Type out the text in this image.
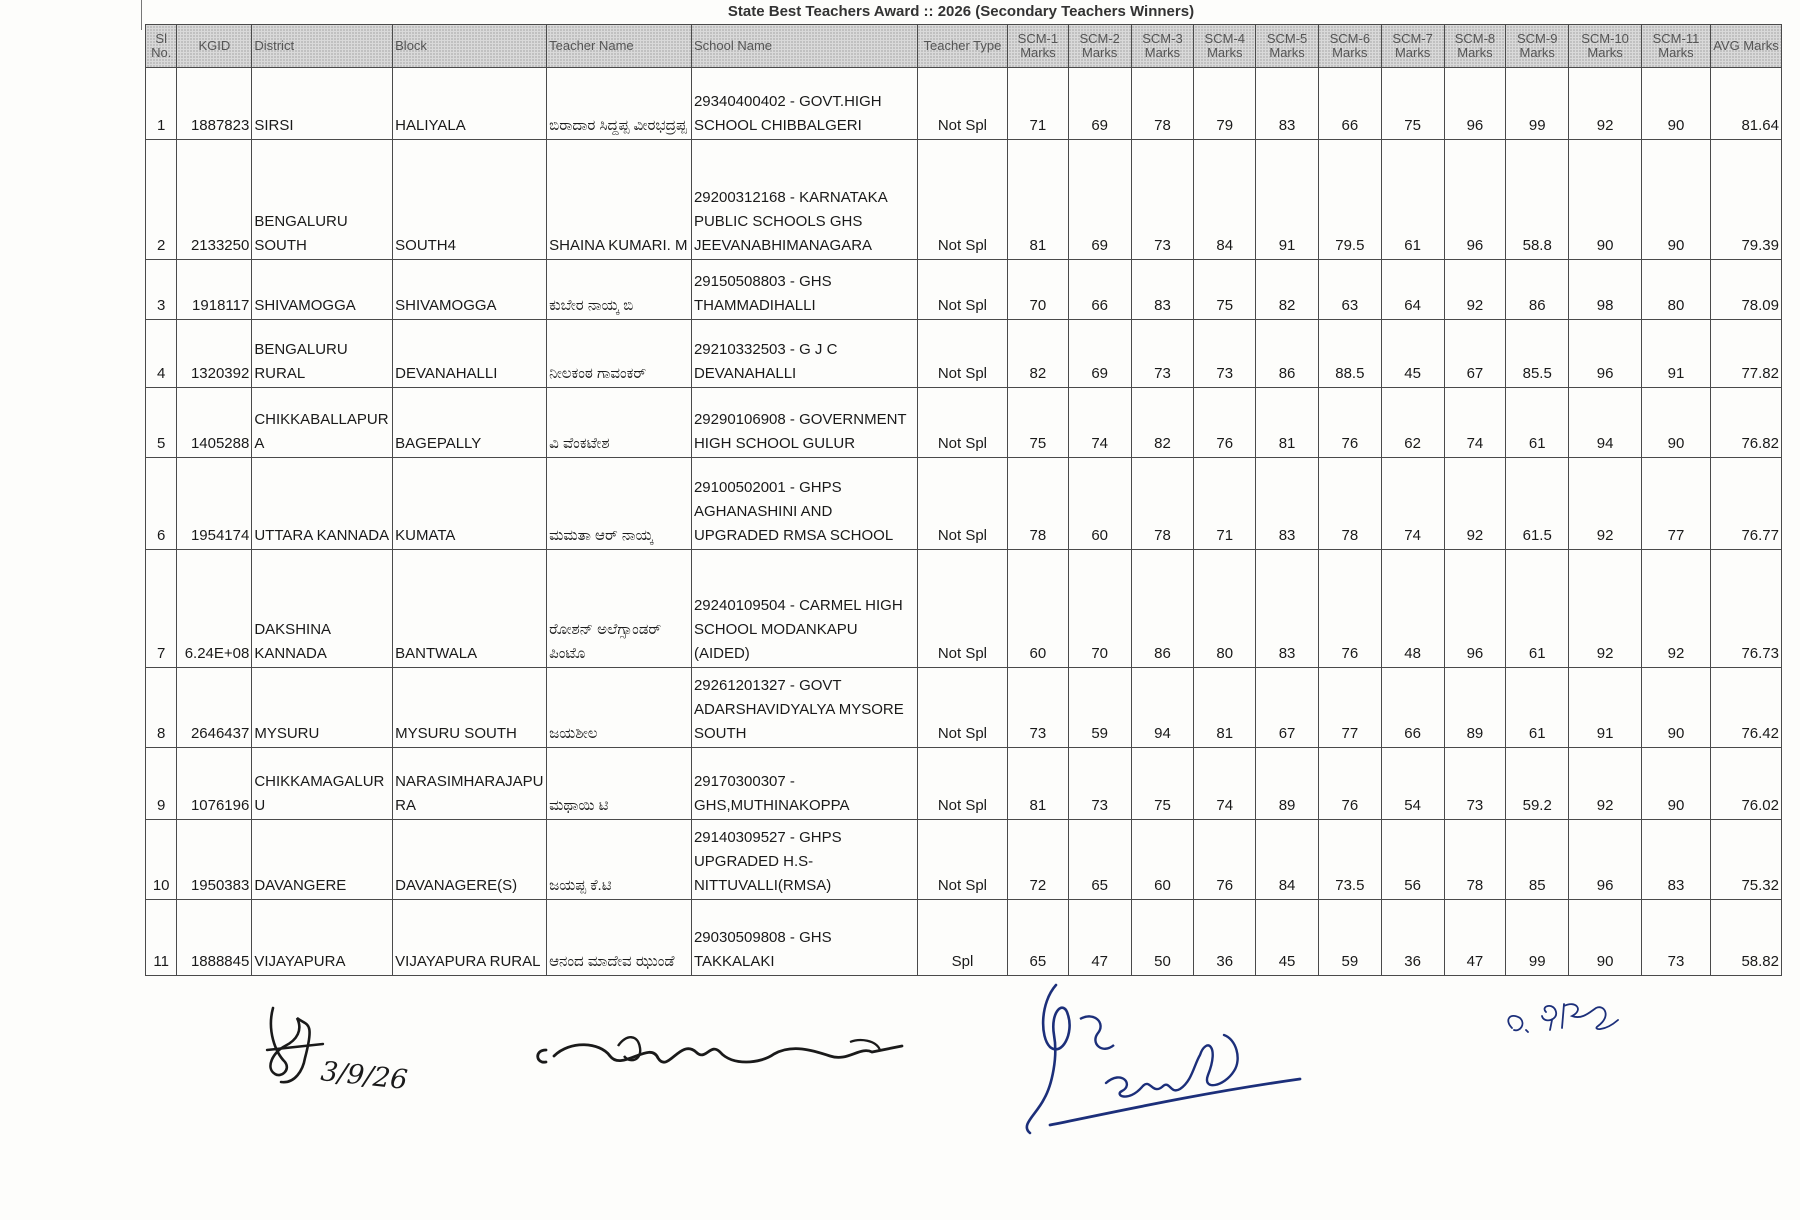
State Best Teachers Award :: 2026 (Secondary Teachers Winners)
Sl No.	KGID	District	Block	Teacher Name	School Name	Teacher Type	SCM-1 Marks	SCM-2 Marks	SCM-3 Marks	SCM-4 Marks	SCM-5 Marks	SCM-6 Marks	SCM-7 Marks	SCM-8 Marks	SCM-9 Marks	SCM-10 Marks	SCM-11 Marks	AVG Marks
1	1887823	SIRSI	HALIYALA	ಬಿರಾದಾರ ಸಿದ್ದಪ್ಪ ವೀರಭದ್ರಪ್ಪ	29340400402 - GOVT.HIGH SCHOOL CHIBBALGERI	Not Spl	71	69	78	79	83	66	75	96	99	92	90	81.64
2	2133250	BENGALURU SOUTH	SOUTH4	SHAINA KUMARI. M	29200312168 - KARNATAKA PUBLIC SCHOOLS GHS JEEVANABHIMANAGARA	Not Spl	81	69	73	84	91	79.5	61	96	58.8	90	90	79.39
3	1918117	SHIVAMOGGA	SHIVAMOGGA	ಕುಬೇರ ನಾಯ್ಕ ಬಿ	29150508803 - GHS THAMMADIHALLI	Not Spl	70	66	83	75	82	63	64	92	86	98	80	78.09
4	1320392	BENGALURU RURAL	DEVANAHALLI	ನೀಲಕಂಠ ಗಾವಂಕರ್	29210332503 - G J C DEVANAHALLI	Not Spl	82	69	73	73	86	88.5	45	67	85.5	96	91	77.82
5	1405288	CHIKKABALLAPURA	BAGEPALLY	ವಿ ವೆಂಕಟೇಶ	29290106908 - GOVERNMENT HIGH SCHOOL GULUR	Not Spl	75	74	82	76	81	76	62	74	61	94	90	76.82
6	1954174	UTTARA KANNADA	KUMATA	ಮಮತಾ ಆರ್ ನಾಯ್ಕ	29100502001 - GHPS AGHANASHINI AND UPGRADED RMSA SCHOOL	Not Spl	78	60	78	71	83	78	74	92	61.5	92	77	76.77
7	6.24E+08	DAKSHINA KANNADA	BANTWALA	ರೋಶನ್ ಅಲೆಗ್ಸಾಂಡರ್ ಪಿಂಟೊ	29240109504 - CARMEL HIGH SCHOOL MODANKAPU (AIDED)	Not Spl	60	70	86	80	83	76	48	96	61	92	92	76.73
8	2646437	MYSURU	MYSURU SOUTH	ಜಯಶೀಲ	29261201327 - GOVT ADARSHAVIDYALYA MYSORE SOUTH	Not Spl	73	59	94	81	67	77	66	89	61	91	90	76.42
9	1076196	CHIKKAMAGALURU	NARASIMHARAJAPURA	ಮಥಾಯಿ ಟಿ	29170300307 - GHS,MUTHINAKOPPA	Not Spl	81	73	75	74	89	76	54	73	59.2	92	90	76.02
10	1950383	DAVANGERE	DAVANAGERE(S)	ಜಯಪ್ಪ ಕೆ.ಟಿ	29140309527 - GHPS UPGRADED H.S-NITTUVALLI(RMSA)	Not Spl	72	65	60	76	84	73.5	56	78	85	96	83	75.32
11	1888845	VIJAYAPURA	VIJAYAPURA RURAL	ಆನಂದ ಮಾದೇವ ಝುಂಡೆ	29030509808 - GHS TAKKALAKI	Spl	65	47	50	36	45	59	36	47	99	90	73	58.82
3/9/26
